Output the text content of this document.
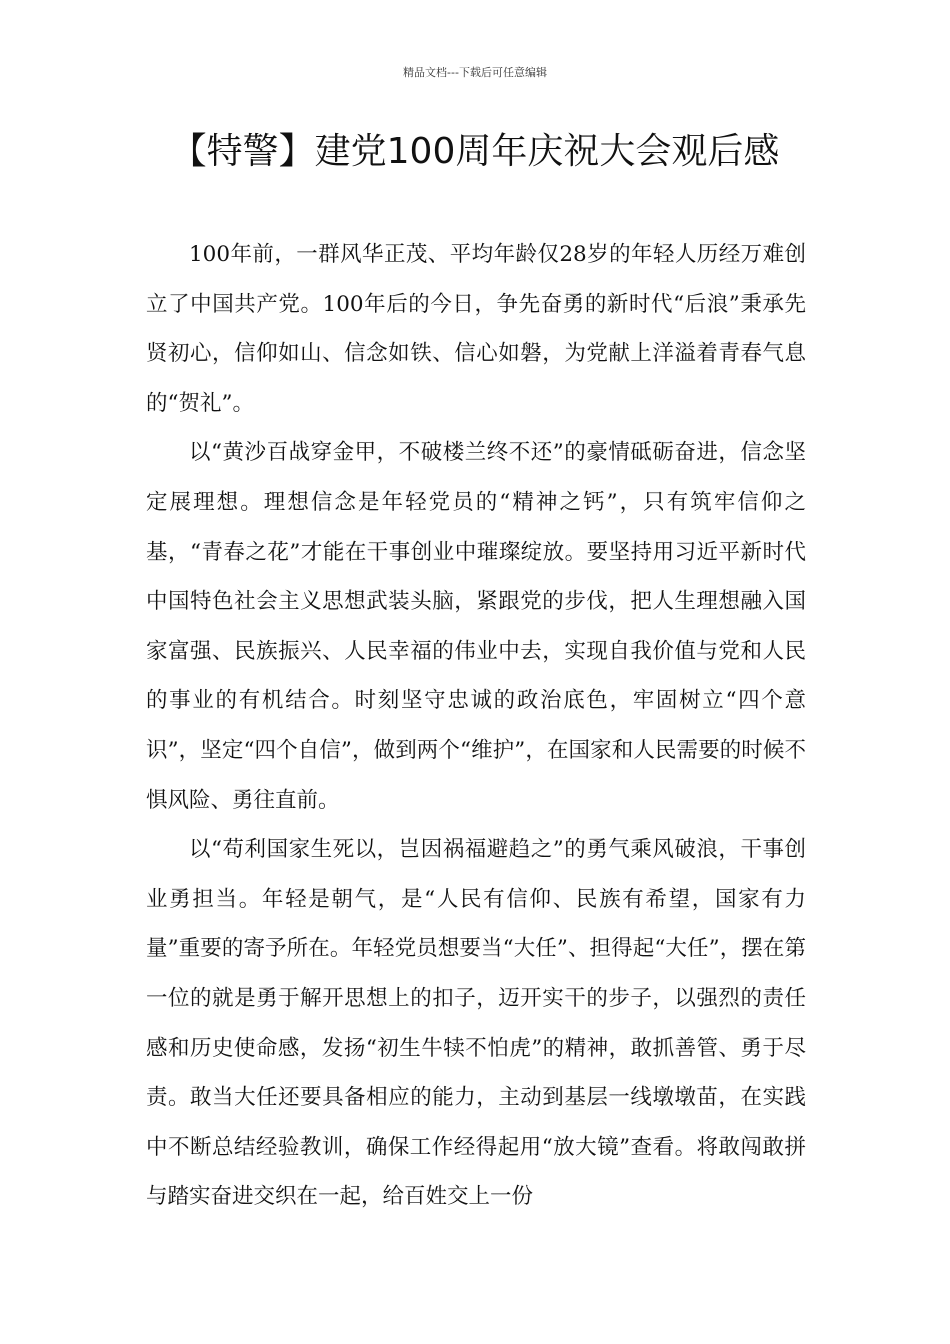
精品文档---下载后可任意编辑
【特警】建党100周年庆祝大会观后感

100年前，一群风华正茂、平均年龄仅28岁的年轻人历经万难创立了中国共产党。100年后的今日，争先奋勇的新时代“后浪”秉承先贤初心，信仰如山、信念如铁、信心如磐，为党献上洋溢着青春气息的“贺礼”。

以“黄沙百战穿金甲，不破楼兰终不还”的豪情砥砺奋进，信念坚定展理想。理想信念是年轻党员的“精神之钙”，只有筑牢信仰之基，“青春之花”才能在干事创业中璀璨绽放。要坚持用习近平新时代中国特色社会主义思想武装头脑，紧跟党的步伐，把人生理想融入国家富强、民族振兴、人民幸福的伟业中去，实现自我价值与党和人民的事业的有机结合。时刻坚守忠诚的政治底色，牢固树立“四个意识”，坚定“四个自信”，做到两个“维护”，在国家和人民需要的时候不惧风险、勇往直前。

以“苟利国家生死以，岂因祸福避趋之”的勇气乘风破浪，干事创业勇担当。年轻是朝气，是“人民有信仰、民族有希望，国家有力量”重要的寄予所在。年轻党员想要当“大任”、担得起“大任”，摆在第一位的就是勇于解开思想上的扣子，迈开实干的步子，以强烈的责任感和历史使命感，发扬“初生牛犊不怕虎”的精神，敢抓善管、勇于尽责。敢当大任还要具备相应的能力，主动到基层一线墩墩苗，在实践中不断总结经验教训，确保工作经得起用“放大镜”查看。将敢闯敢拼与踏实奋进交织在一起，给百姓交上一份
